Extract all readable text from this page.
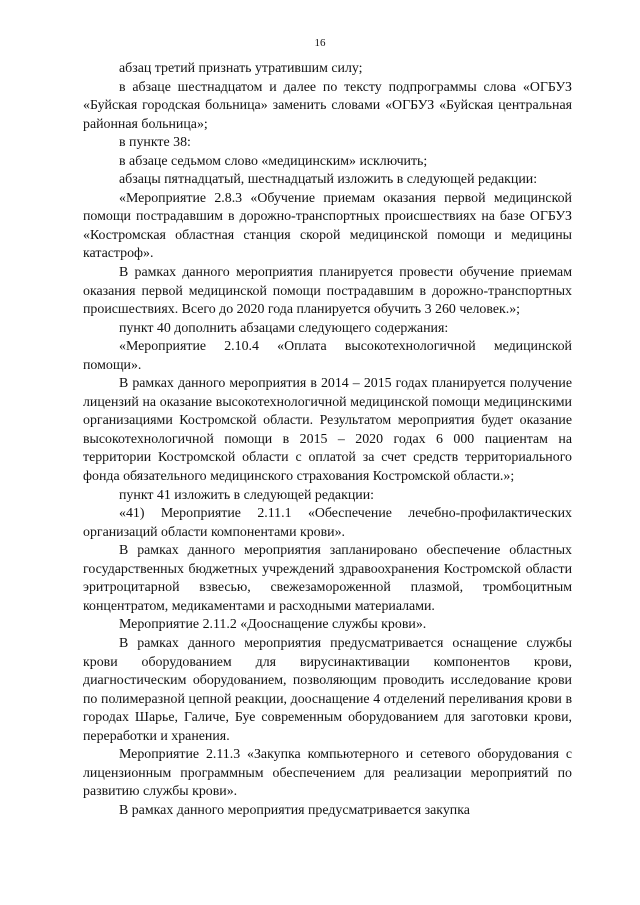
16

абзац третий признать утратившим силу;

в абзаце шестнадцатом и далее по тексту подпрограммы слова «ОГБУЗ «Буйская городская больница» заменить словами «ОГБУЗ «Буйская центральная районная больница»;

в пункте 38:

в абзаце седьмом слово «медицинским» исключить;

абзацы пятнадцатый, шестнадцатый изложить в следующей редакции:

«Мероприятие 2.8.3 «Обучение приемам оказания первой медицинской помощи пострадавшим в дорожно-транспортных происшествиях на базе ОГБУЗ «Костромская областная станция скорой медицинской помощи и медицины катастроф».

В рамках данного мероприятия планируется провести обучение приемам оказания первой медицинской помощи пострадавшим в дорожно-транспортных происшествиях. Всего до 2020 года планируется обучить 3 260 человек.»;

пункт 40 дополнить абзацами следующего содержания:

«Мероприятие 2.10.4 «Оплата высокотехнологичной медицинской помощи».

В рамках данного мероприятия в 2014 – 2015 годах планируется получение лицензий на оказание высокотехнологичной медицинской помощи медицинскими организациями Костромской области. Результатом мероприятия будет оказание высокотехнологичной помощи в 2015 – 2020 годах 6 000 пациентам на территории Костромской области с оплатой за счет средств территориального фонда обязательного медицинского страхования Костромской области.»;

пункт 41 изложить в следующей редакции:

«41) Мероприятие 2.11.1 «Обеспечение лечебно-профилактических организаций области компонентами крови».

В рамках данного мероприятия запланировано обеспечение областных государственных бюджетных учреждений здравоохранения Костромской области эритроцитарной взвесью, свежезамороженной плазмой, тромбоцитным концентратом, медикаментами и расходными материалами.

Мероприятие 2.11.2 «Дооснащение службы крови».

В рамках данного мероприятия предусматривается оснащение службы крови оборудованием для вирусинактивации компонентов крови, диагностическим оборудованием, позволяющим проводить исследование крови по полимеразной цепной реакции, дооснащение 4 отделений переливания крови в городах Шарье, Галиче, Буе современным оборудованием для заготовки крови, переработки и хранения.

Мероприятие 2.11.3 «Закупка компьютерного и сетевого оборудования с лицензионным программным обеспечением для реализации мероприятий по развитию службы крови».

В рамках данного мероприятия предусматривается закупка
